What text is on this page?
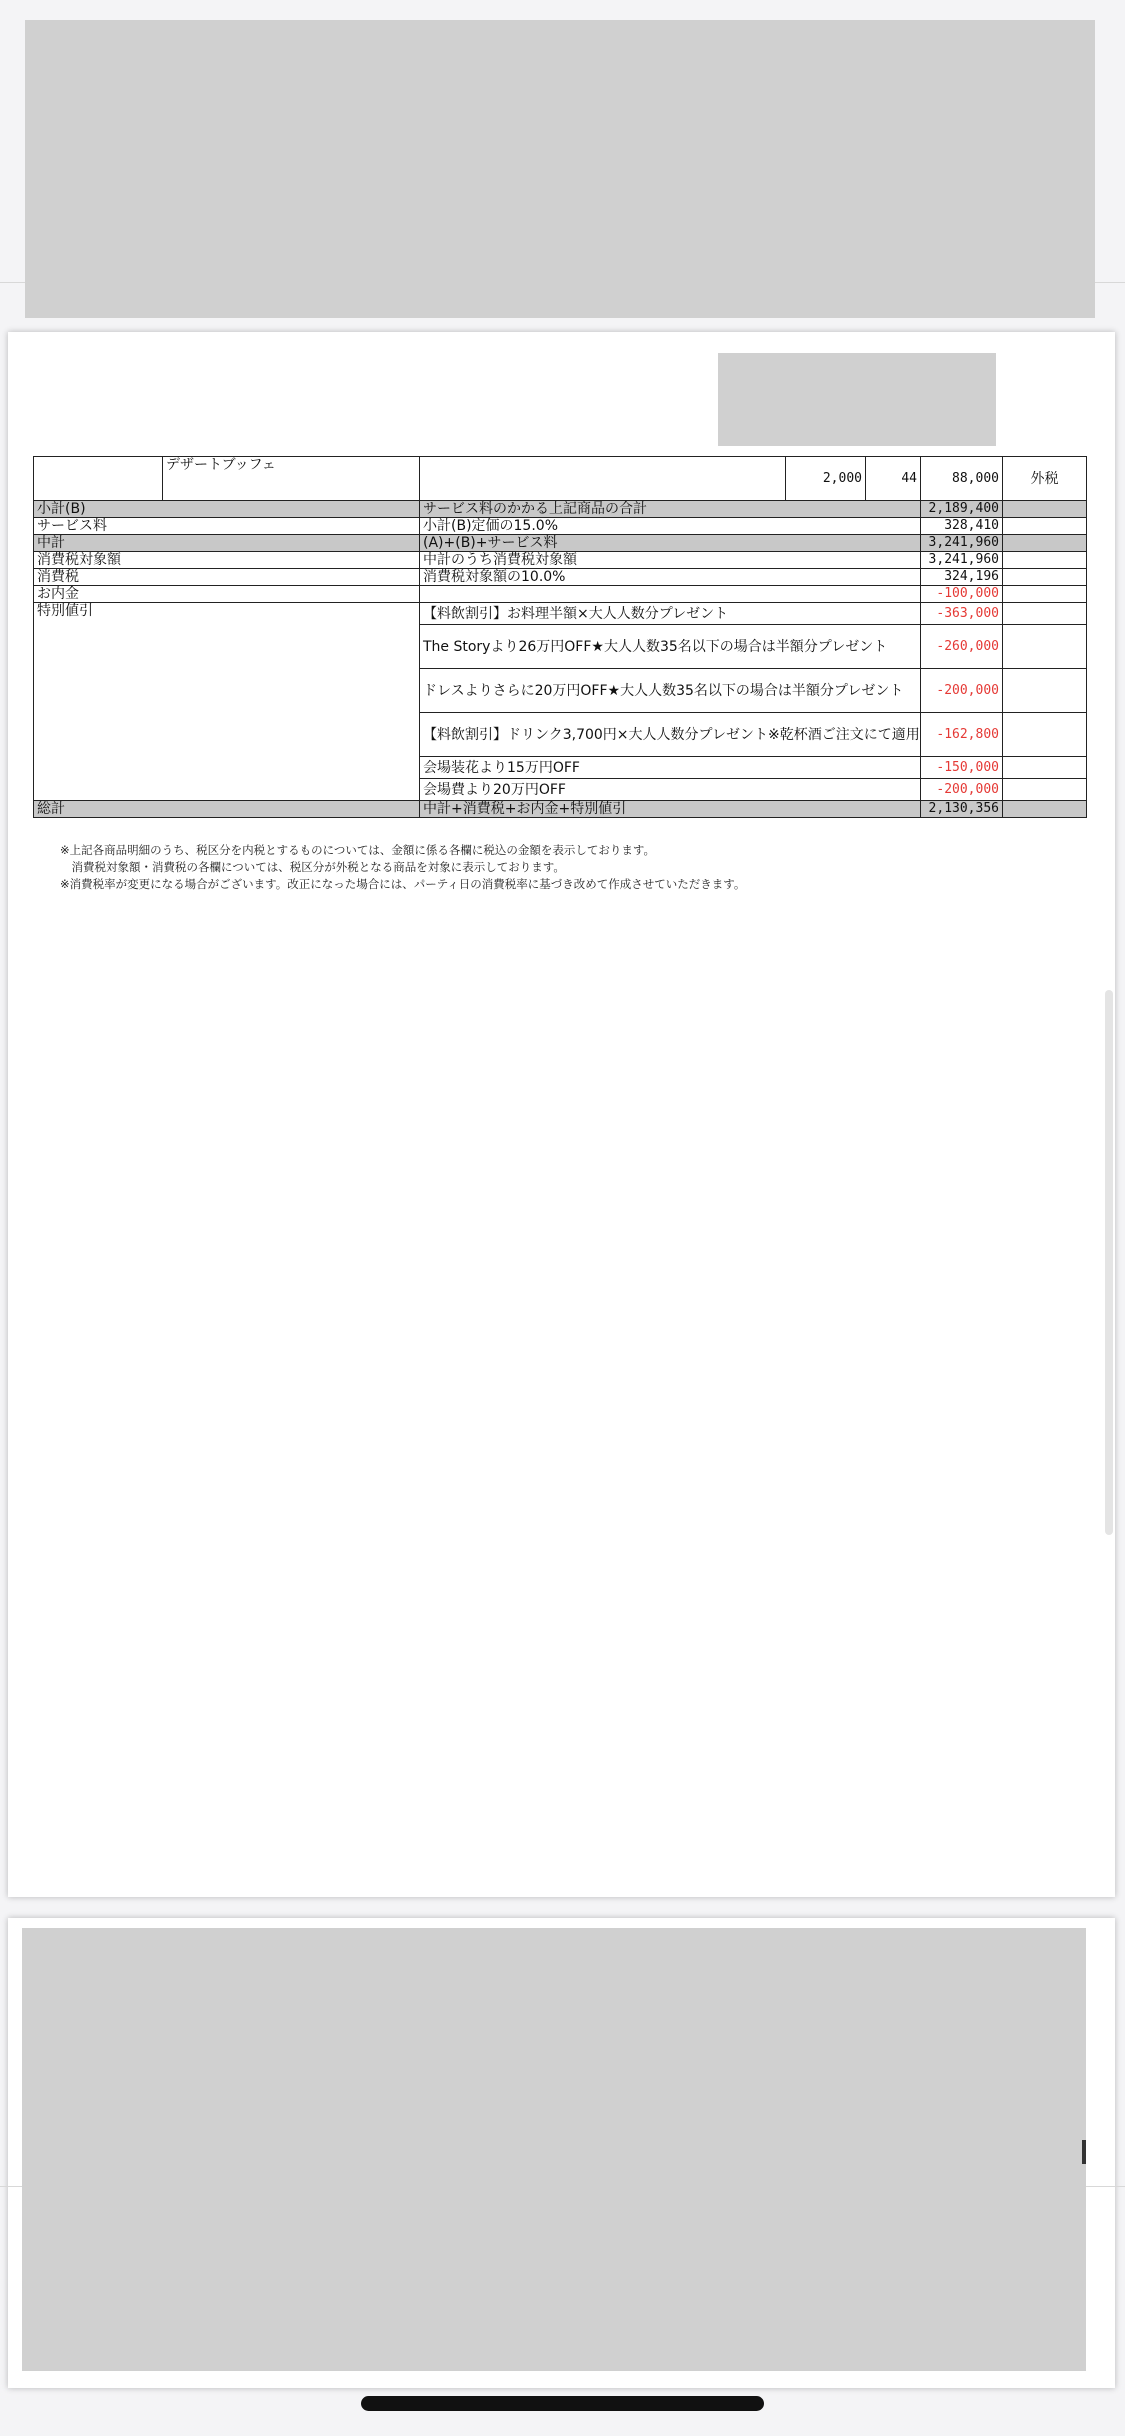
	デザートブッフェ		2,000	44	88,000	外税
小計(B)		サービス料のかかる上記商品の合計			2,189,400	
サービス料		小計(B)定価の15.0%			328,410	
中計		(A)+(B)+サービス料			3,241,960	
消費税対象額		中計のうち消費税対象額			3,241,960	
消費税		消費税対象額の10.0%			324,196	
お内金					-100,000	
特別値引		【料飲割引】お料理半額×大人人数分プレゼント			-363,000	
		The Storyより26万円OFF★大人人数35名以下の場合は半額分プレゼント			-260,000	
		ドレスよりさらに20万円OFF★大人人数35名以下の場合は半額分プレゼント			-200,000	
		【料飲割引】ドリンク3,700円×大人人数分プレゼント※乾杯酒ご注文にて適用			-162,800	
		会場装花より15万円OFF			-150,000	
		会場費より20万円OFF			-200,000	
総計		中計+消費税+お内金+特別値引			2,130,356	

※上記各商品明細のうち、税区分を内税とするものについては、金額に係る各欄に税込の金額を表示しております。

　消費税対象額・消費税の各欄については、税区分が外税となる商品を対象に表示しております。

※消費税率が変更になる場合がございます。改正になった場合には、パーティ日の消費税率に基づき改めて作成させていただきます。
